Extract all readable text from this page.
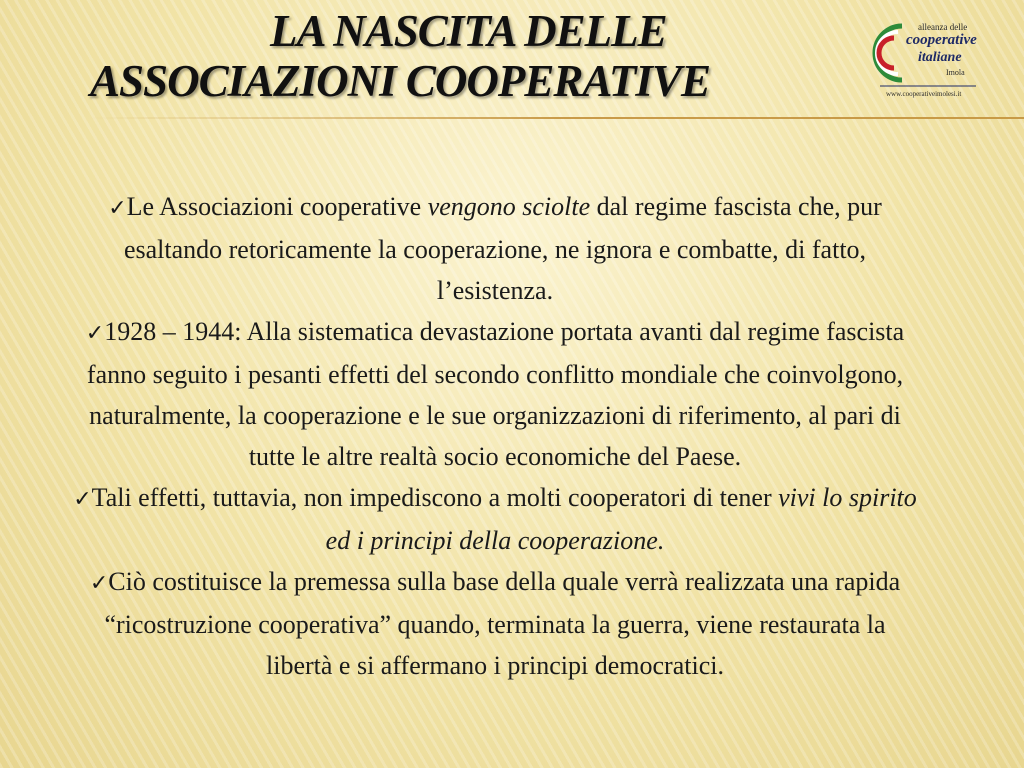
LA NASCITA DELLE
ASSOCIAZIONI COOPERATIVE
alleanza delle
cooperative
italiane
Imola
www.cooperativeimolesi.it

✓Le Associazioni cooperative vengono sciolte dal regime fascista che, pur esaltando retoricamente la cooperazione, ne ignora e combatte, di fatto, l’esistenza.

✓1928 – 1944: Alla sistematica devastazione portata avanti dal regime fascista fanno seguito i pesanti effetti del secondo conflitto mondiale che coinvolgono, naturalmente, la cooperazione e le sue organizzazioni di riferimento, al pari di tutte le altre realtà socio economiche del Paese.

✓Tali effetti, tuttavia, non impediscono a molti cooperatori di tener vivi lo spirito ed i principi della cooperazione.

✓Ciò costituisce la premessa sulla base della quale verrà realizzata una rapida “ricostruzione cooperativa” quando, terminata la guerra, viene restaurata la libertà e si affermano i principi democratici.
